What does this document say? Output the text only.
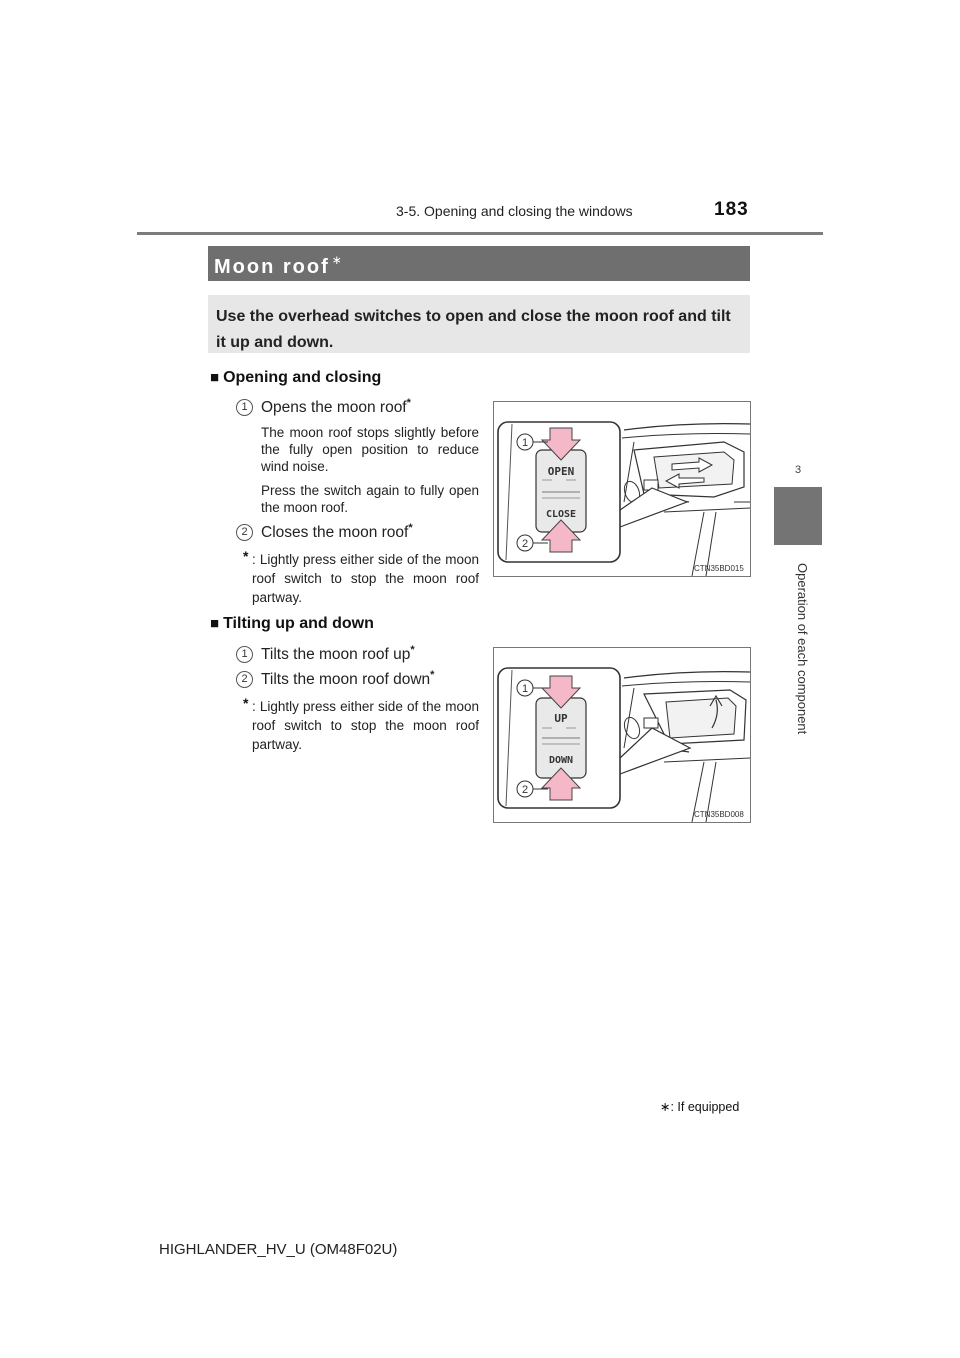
3-5. Opening and closing the windows	183
3
Operation of each component
Moon roof ∗
Use the overhead switches to open and close the moon roof and tilt it up and down.
■ Opening and closing
1 Opens the moon roof*
The moon roof stops slightly before the fully open position to reduce wind noise.
Press the switch again to fully open the moon roof.
2 Closes the moon roof*
* : Lightly press either side of the moon roof switch to stop the moon roof partway.
OPEN
CLOSE
1
2
CTN35BD015
■ Tilting up and down
1 Tilts the moon roof up*
2 Tilts the moon roof down*
* : Lightly press either side of the moon roof switch to stop the moon roof partway.
UP
DOWN
1
2
CTN35BD008
∗: If equipped
HIGHLANDER_HV_U (OM48F02U)
